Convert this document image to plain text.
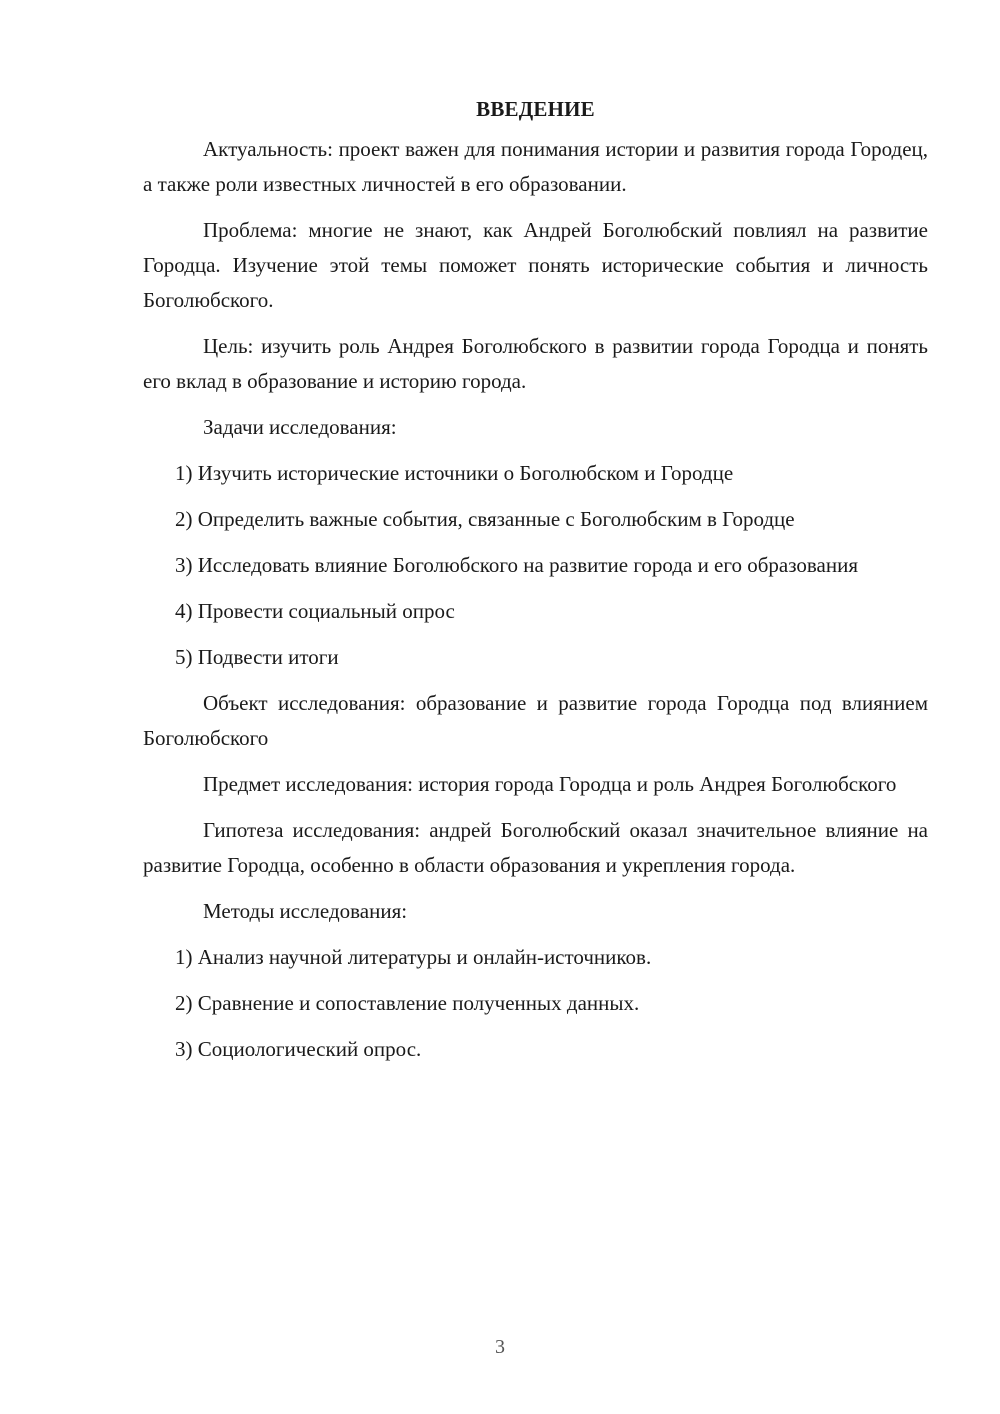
ВВЕДЕНИЕ

Актуальность: проект важен для понимания истории и развития города Городец, а также роли известных личностей в его образовании.

Проблема: многие не знают, как Андрей Боголюбский повлиял на развитие Городца. Изучение этой темы поможет понять исторические события и личность Боголюбского.

Цель: изучить роль Андрея Боголюбского в развитии города Городца и понять его вклад в образование и историю города.

Задачи исследования:

1) Изучить исторические источники о Боголюбском и Городце

2) Определить важные события, связанные с Боголюбским в Городце

3) Исследовать влияние Боголюбского на развитие города и его образования

4) Провести социальный опрос

5) Подвести итоги

Объект исследования: образование и развитие города Городца под влиянием Боголюбского

Предмет исследования: история города Городца и роль Андрея Боголюбского

Гипотеза исследования: андрей Боголюбский оказал значительное влияние на развитие Городца, особенно в области образования и укрепления города.

Методы исследования:

1) Анализ научной литературы и онлайн-источников.

2) Сравнение и сопоставление полученных данных.

3) Социологический опрос.

3
